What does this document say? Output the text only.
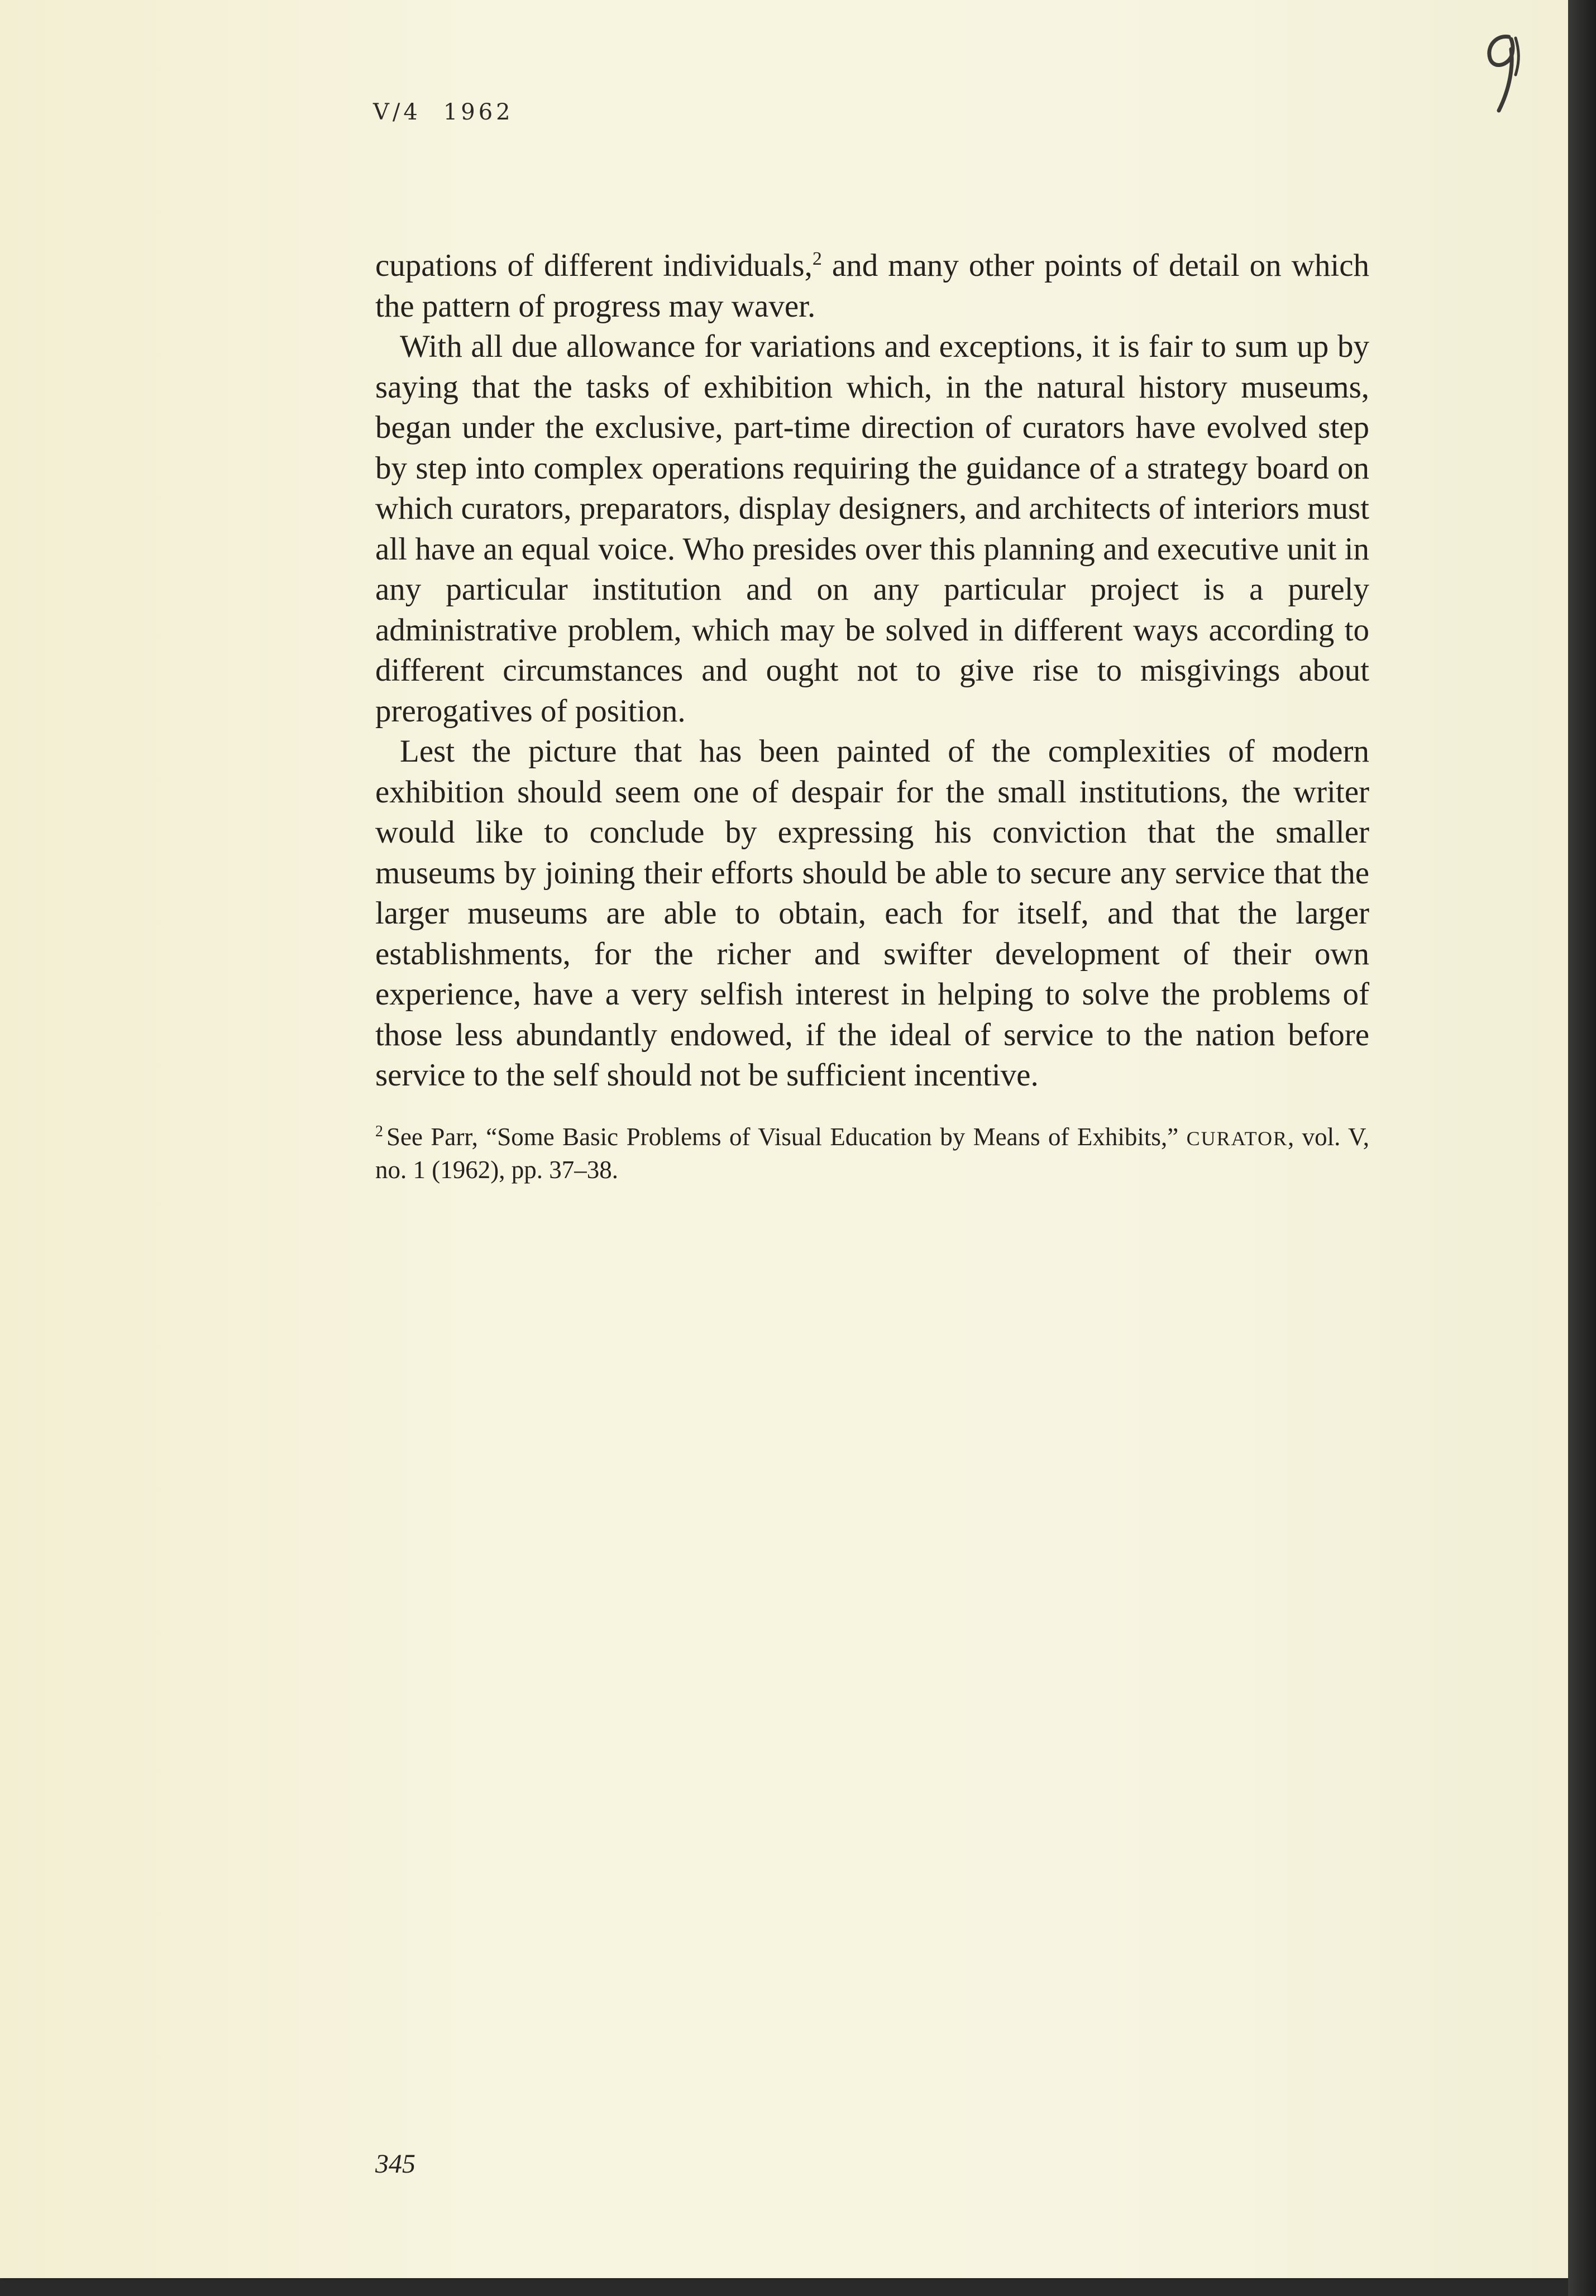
V/4 1962

cupations of different individuals,$^2$ and many other points of detail on which the pattern of progress may waver.

With all due allowance for variations and exceptions, it is fair to sum up by saying that the tasks of exhibition which, in the natural history museums, began under the exclusive, part-time direction of curators have evolved step by step into complex operations requiring the guidance of a strategy board on which curators, preparators, display designers, and architects of interiors must all have an equal voice. Who presides over this planning and executive unit in any particular institution and on any particular project is a purely administrative problem, which may be solved in different ways according to different circumstances and ought not to give rise to misgivings about prerogatives of position.

Lest the picture that has been painted of the complexities of modern exhibition should seem one of despair for the small institutions, the writer would like to conclude by expressing his conviction that the smaller museums by joining their efforts should be able to secure any service that the larger museums are able to obtain, each for itself, and that the larger establishments, for the richer and swifter development of their own experience, have a very selfish interest in helping to solve the problems of those less abundantly endowed, if the ideal of service to the nation before service to the self should not be sufficient incentive.

$^2$ See Parr, “Some Basic Problems of Visual Education by Means of Exhibits,” CURATOR, vol. V, no. 1 (1962), pp. 37–38.
345
